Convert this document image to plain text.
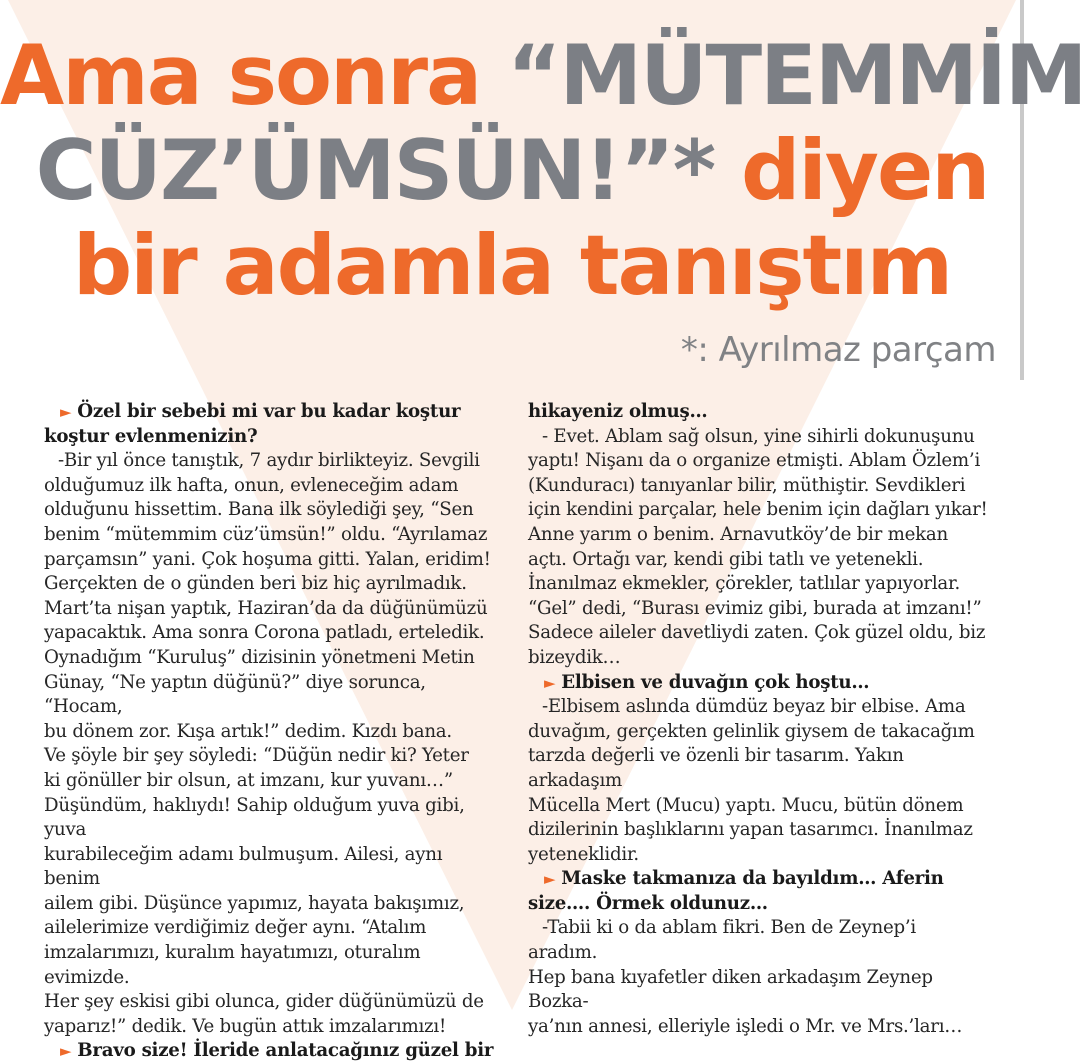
Ama sonra “MÜTEMMİM
CÜZ’ÜMSÜN!”* diyen
bir adamla tanıştım
*: Ayrılmaz parçam

► Özel bir sebebi mi var bu kadar koştur

koştur evlenmenizin?

-Bir yıl önce tanıştık, 7 aydır birlikteyiz. Sevgili

olduğumuz ilk hafta, onun, evleneceğim adam

olduğunu hissettim. Bana ilk söylediği şey, “Sen

benim “mütemmim cüz’ümsün!” oldu. “Ayrılamaz

parçamsın” yani. Çok hoşuma gitti. Yalan, eridim!

Gerçekten de o günden beri biz hiç ayrılmadık.

Mart’ta nişan yaptık, Haziran’da da düğünümüzü

yapacaktık. Ama sonra Corona patladı, erteledik.

Oynadığım “Kuruluş” dizisinin yönetmeni Metin

Günay, “Ne yaptın düğünü?” diye sorunca, “Hocam,

bu dönem zor. Kışa artık!” dedim. Kızdı bana.

Ve şöyle bir şey söyledi: “Düğün nedir ki? Yeter

ki gönüller bir olsun, at imzanı, kur yuvanı…”

Düşündüm, haklıydı! Sahip olduğum yuva gibi, yuva

kurabileceğim adamı bulmuşum. Ailesi, aynı benim

ailem gibi. Düşünce yapımız, hayata bakışımız,

ailelerimize verdiğimiz değer aynı. “Atalım

imzalarımızı, kuralım hayatımızı, oturalım evimizde.

Her şey eskisi gibi olunca, gider düğünümüzü de

yaparız!” dedik. Ve bugün attık imzalarımızı!

► Bravo size! İleride anlatacağınız güzel bir

hikayeniz olmuş…

- Evet. Ablam sağ olsun, yine sihirli dokunuşunu

yaptı! Nişanı da o organize etmişti. Ablam Özlem’i

(Kunduracı) tanıyanlar bilir, müthiştir. Sevdikleri

için kendini parçalar, hele benim için dağları yıkar!

Anne yarım o benim. Arnavutköy’de bir mekan

açtı. Ortağı var, kendi gibi tatlı ve yetenekli.

İnanılmaz ekmekler, çörekler, tatlılar yapıyorlar.

“Gel” dedi, “Burası evimiz gibi, burada at imzanı!”

Sadece aileler davetliydi zaten. Çok güzel oldu, biz

bizeydik…

► Elbisen ve duvağın çok hoştu…

-Elbisem aslında dümdüz beyaz bir elbise. Ama

duvağım, gerçekten gelinlik giysem de takacağım

tarzda değerli ve özenli bir tasarım. Yakın arkadaşım

Mücella Mert (Mucu) yaptı. Mucu, bütün dönem

dizilerinin başlıklarını yapan tasarımcı. İnanılmaz

yeteneklidir.

► Maske takmanıza da bayıldım… Aferin

size…. Örmek oldunuz…

-Tabii ki o da ablam fikri. Ben de Zeynep’i aradım.

Hep bana kıyafetler diken arkadaşım Zeynep Bozka-

ya’nın annesi, elleriyle işledi o Mr. ve Mrs.’ları…
